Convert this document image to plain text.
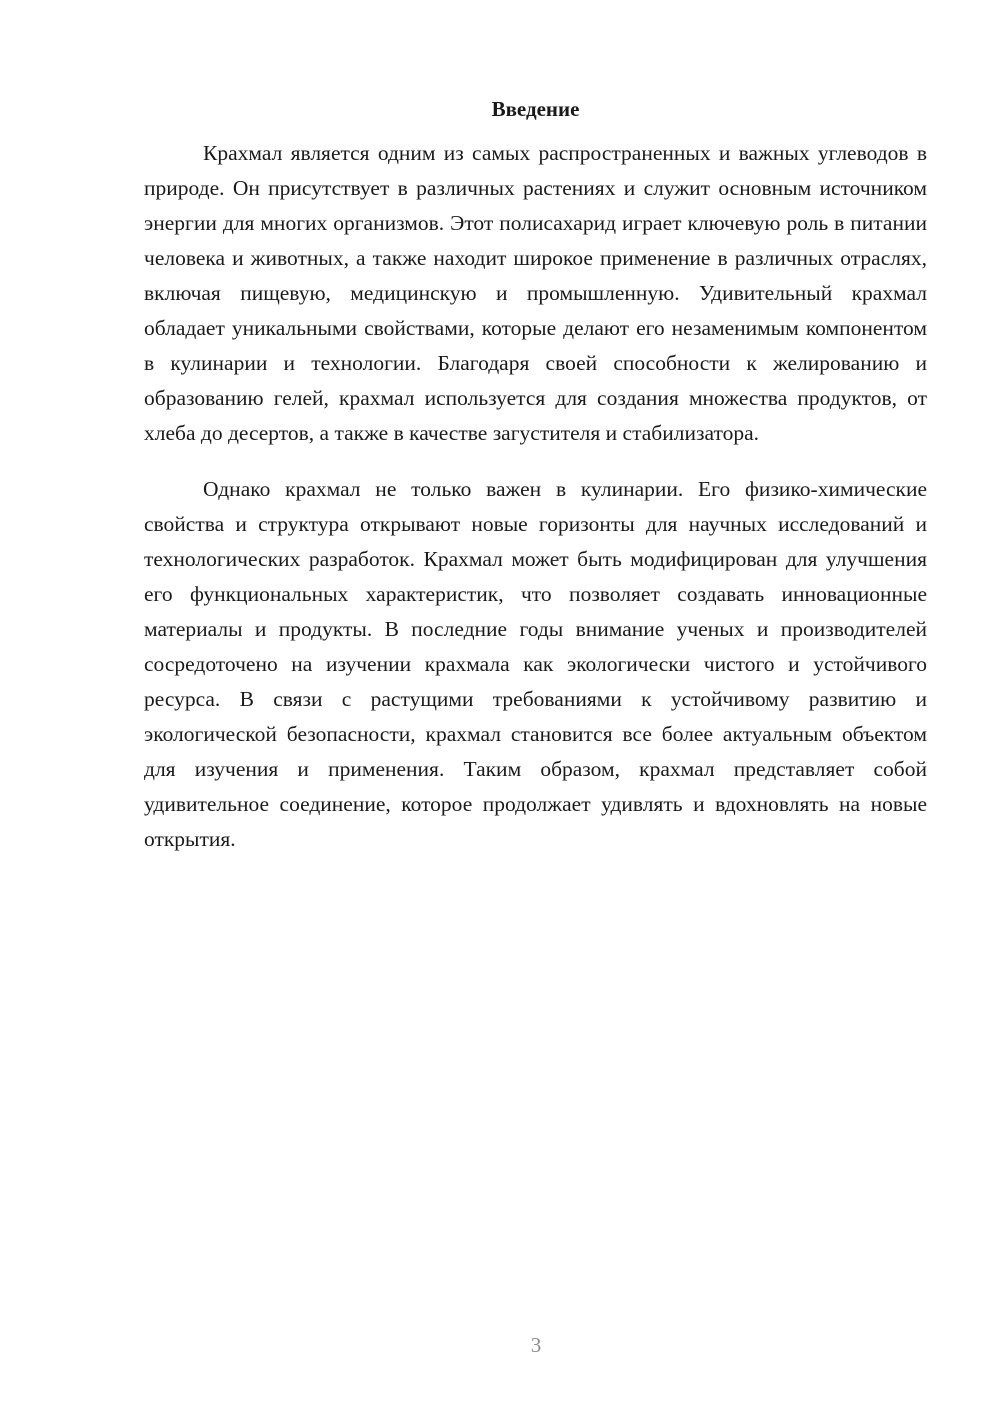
Введение

Крахмал является одним из самых распространенных и важных углеводов в природе. Он присутствует в различных растениях и служит основным источником энергии для многих организмов. Этот полисахарид играет ключевую роль в питании человека и животных, а также находит широкое применение в различных отраслях, включая пищевую, медицинскую и промышленную. Удивительный крахмал обладает уникальными свойствами, которые делают его незаменимым компонентом в кулинарии и технологии. Благодаря своей способности к желированию и образованию гелей, крахмал используется для создания множества продуктов, от хлеба до десертов, а также в качестве загустителя и стабилизатора.

Однако крахмал не только важен в кулинарии. Его физико-химические свойства и структура открывают новые горизонты для научных исследований и технологических разработок. Крахмал может быть модифицирован для улучшения его функциональных характеристик, что позволяет создавать инновационные материалы и продукты. В последние годы внимание ученых и производителей сосредоточено на изучении крахмала как экологически чистого и устойчивого ресурса. В связи с растущими требованиями к устойчивому развитию и экологической безопасности, крахмал становится все более актуальным объектом для изучения и применения. Таким образом, крахмал представляет собой удивительное соединение, которое продолжает удивлять и вдохновлять на новые открытия.

3
